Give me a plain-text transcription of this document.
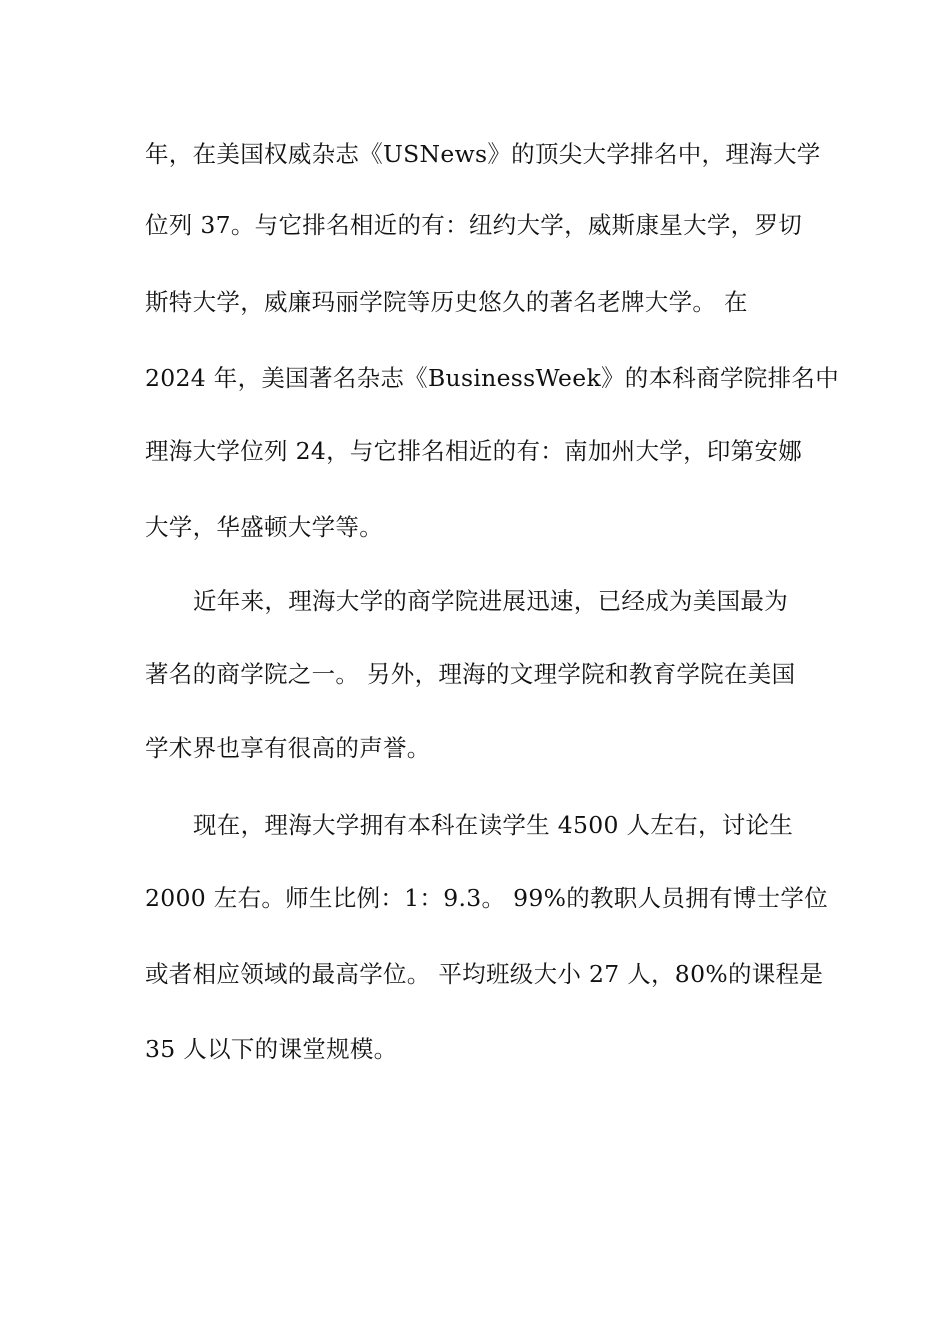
年，在美国权威杂志《USNews》的顶尖大学排名中，理海大学
位列 37。与它排名相近的有：纽约大学，威斯康星大学，罗切
斯特大学，威廉玛丽学院等历史悠久的著名老牌大学。 在
2024 年，美国著名杂志《BusinessWeek》的本科商学院排名中
理海大学位列 24，与它排名相近的有：南加州大学，印第安娜
大学，华盛顿大学等。
近年来，理海大学的商学院进展迅速，已经成为美国最为
著名的商学院之一。 另外，理海的文理学院和教育学院在美国
学术界也享有很高的声誉。
现在，理海大学拥有本科在读学生 4500 人左右，讨论生
2000 左右。师生比例：1：9.3。 99%的教职人员拥有博士学位
或者相应领域的最高学位。 平均班级大小 27 人，80%的课程是
35 人以下的课堂规模。
